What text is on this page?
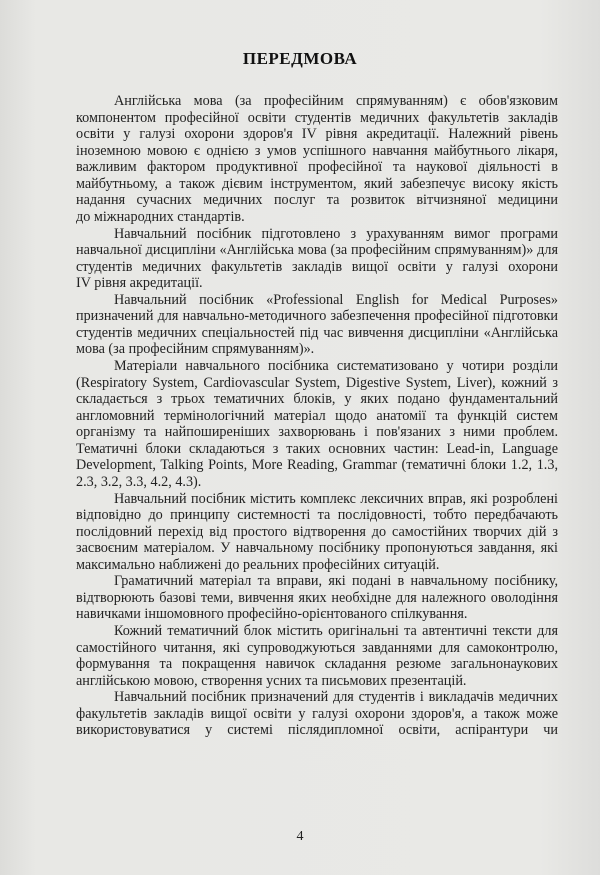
ПЕРЕДМОВА
Англійська мова (за професійним спрямуванням) є обов'язковим
компонентом професійної освіти студентів медичних факультетів закладів
освіти у галузі охорони здоров'я IV рівня акредитації. Належний рівень
іноземною мовою є однією з умов успішного навчання майбутнього лікаря,
важливим фактором продуктивної професійної та наукової діяльності в
майбутньому, а також дієвим інструментом, який забезпечує високу якість
надання сучасних медичних послуг та розвиток вітчизняної медицини
до міжнародних стандартів.
Навчальний посібник підготовлено з урахуванням вимог програми
навчальної дисципліни «Англійська мова (за професійним спрямуванням)» для
студентів медичних факультетів закладів вищої освіти у галузі охорони
IV рівня акредитації.
Навчальний посібник «Professional English for Medical Purposes»
призначений для навчально-методичного забезпечення професійної підготовки
студентів медичних спеціальностей під час вивчення дисципліни «Англійська
мова (за професійним спрямуванням)».
Матеріали навчального посібника систематизовано у чотири розділи
(Respiratory System, Cardiovascular System, Digestive System, Liver), кожний з
складається з трьох тематичних блоків, у яких подано фундаментальний
англомовний термінологічний матеріал щодо анатомії та функцій систем
організму та найпоширеніших захворювань і пов'язаних з ними проблем.
Тематичні блоки складаються з таких основних частин: Lead-in, Language
Development, Talking Points, More Reading, Grammar (тематичні блоки 1.2, 1.3,
2.3, 3.2, 3.3, 4.2, 4.3).
Навчальний посібник містить комплекс лексичних вправ, які розроблені
відповідно до принципу системності та послідовності, тобто передбачають
послідовний перехід від простого відтворення до самостійних творчих дій з
засвоєним матеріалом. У навчальному посібнику пропонуються завдання, які
максимально наближені до реальних професійних ситуацій.
Граматичний матеріал та вправи, які подані в навчальному посібнику,
відтворюють базові теми, вивчення яких необхідне для належного оволодіння
навичками іншомовного професійно-орієнтованого спілкування.
Кожний тематичний блок містить оригінальні та автентичні тексти для
самостійного читання, які супроводжуються завданнями для самоконтролю,
формування та покращення навичок складання резюме загальнонаукових
англійською мовою, створення усних та письмових презентацій.
Навчальний посібник призначений для студентів і викладачів медичних
факультетів закладів вищої освіти у галузі охорони здоров'я, а також може
використовуватися у системі післядипломної освіти, аспірантури чи
4
